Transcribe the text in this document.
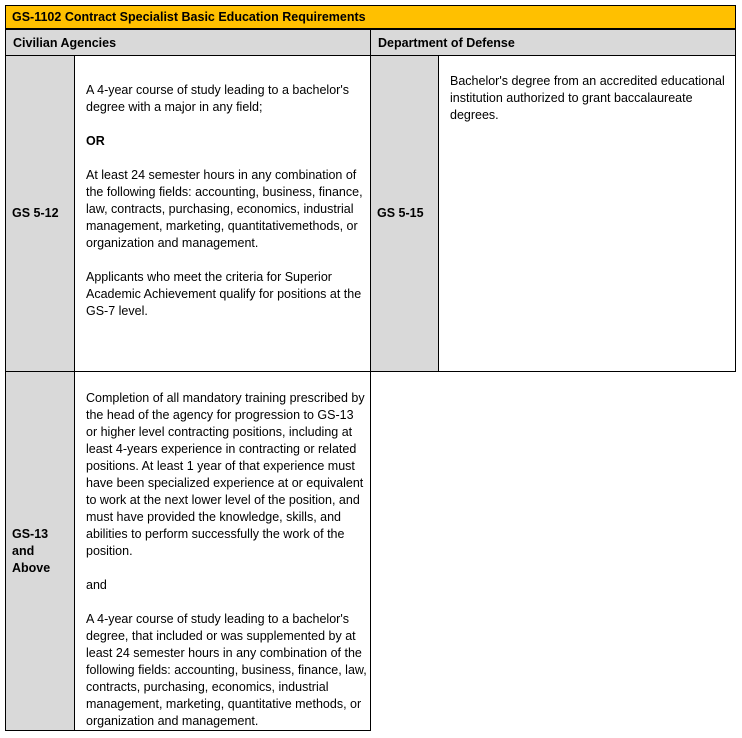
GS-1102 Contract Specialist Basic Education Requirements
Civilian Agencies	Department of Defense
GS 5-12

A 4-year course of study leading to a bachelor's degree with a major in any field;

OR

At least 24 semester hours in any combination of the following fields: accounting, business, finance, law, contracts, purchasing, economics, industrial management, marketing, quantitativemethods, or organization and management.

Applicants who meet the criteria for Superior Academic Achievement qualify for positions at the GS-7 level.

GS 5-15

Bachelor's degree from an accredited educational institution authorized to grant baccalaureate degrees.

GS-13 and Above

Completion of all mandatory training prescribed by the head of the agency for progression to GS-13 or higher level contracting positions, including at least 4-years experience in contracting or related positions. At least 1 year of that experience must have been specialized experience at or equivalent to work at the next lower level of the position, and must have provided the knowledge, skills, and abilities to perform successfully the work of the position.

and

A 4-year course of study leading to a bachelor's degree, that included or was supplemented by at least 24 semester hours in any combination of the following fields: accounting, business, finance, law, contracts, purchasing, economics, industrial management, marketing, quantitative methods, or organization and management.
